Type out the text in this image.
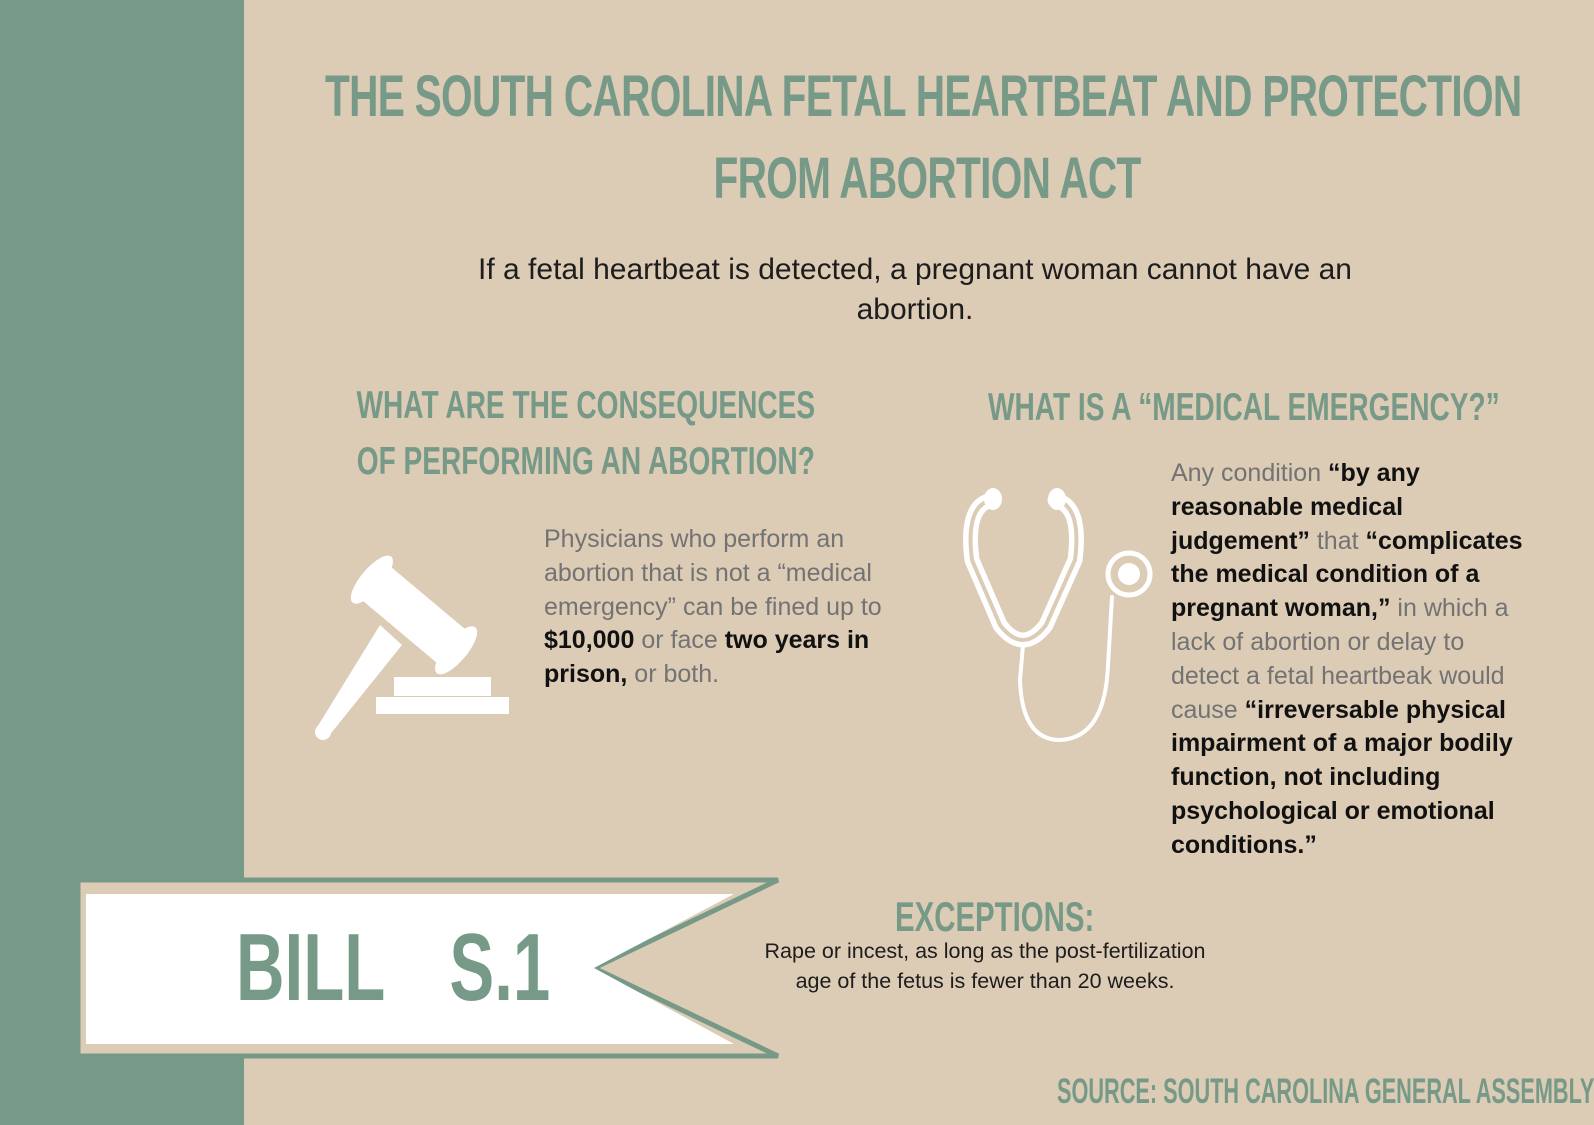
THE SOUTH CAROLINA FETAL HEARTBEAT AND PROTECTION
FROM ABORTION ACT
If a fetal heartbeat is detected, a pregnant woman cannot have an abortion.
WHAT ARE THE CONSEQUENCES OF PERFORMING AN ABORTION?
WHAT IS A “MEDICAL EMERGENCY?”
Physicians who perform an abortion that is not a “medical emergency” can be fined up to $10,000 or face two years in prison, or both.
Any condition “by any reasonable medical judgement” that “complicates the medical condition of a pregnant woman,” in which a lack of abortion or delay to detect a fetal heartbeak would cause “irreversable physical impairment of a major bodily function, not including psychological or emotional conditions.”
BILL  S.1	EXCEPTIONS:
Rape or incest, as long as the post-fertilization age of the fetus is fewer than 20 weeks.
SOURCE: SOUTH CAROLINA GENERAL ASSEMBLY
